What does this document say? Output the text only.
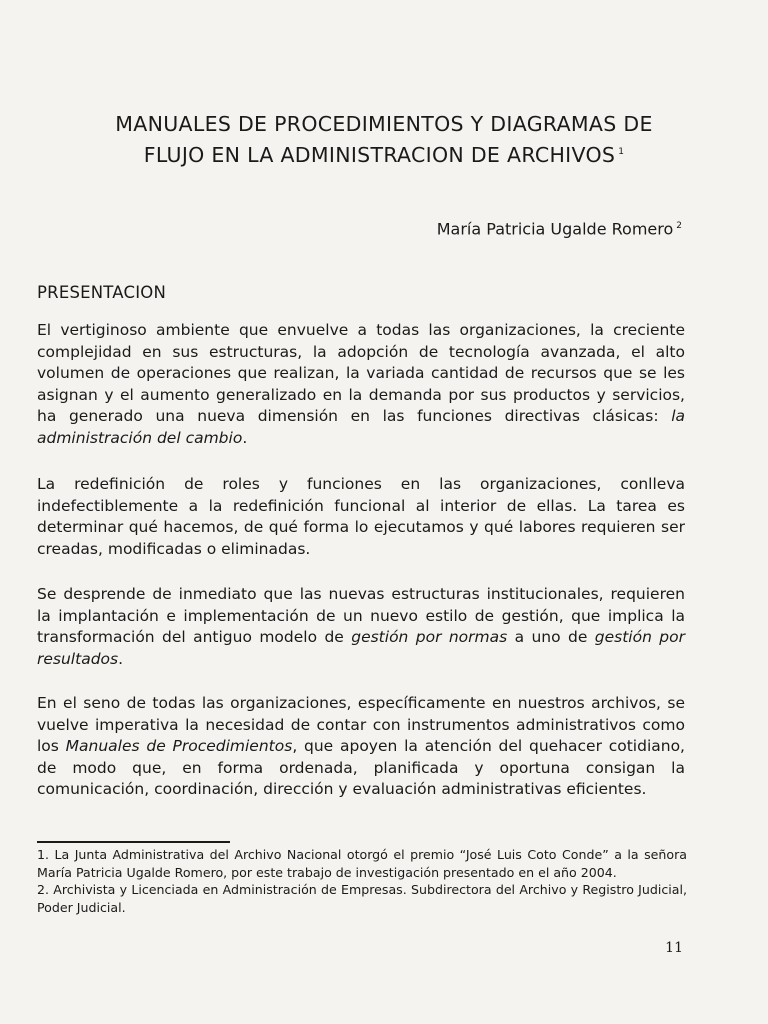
MANUALES DE PROCEDIMIENTOS Y DIAGRAMAS DE
FLUJO EN LA ADMINISTRACION DE ARCHIVOS $^1$
María Patricia Ugalde Romero $^2$
PRESENTACION

El vertiginoso ambiente que envuelve a todas las organizaciones, la creciente complejidad en sus estructuras, la adopción de tecnología avanzada, el alto volumen de operaciones que realizan, la variada cantidad de recursos que se les asignan y el aumento generalizado en la demanda por sus productos y servicios, ha generado una nueva dimensión en las funciones directivas clásicas: la administración del cambio.

La redefinición de roles y funciones en las organizaciones, conlleva indefectiblemente a la redefinición funcional al interior de ellas. La tarea es determinar qué hacemos, de qué forma lo ejecutamos y qué labores requieren ser creadas, modificadas o eliminadas.

Se desprende de inmediato que las nuevas estructuras institucionales, requieren la implantación e implementación de un nuevo estilo de gestión, que implica la transformación del antiguo modelo de gestión por normas a uno de gestión por resultados.

En el seno de todas las organizaciones, específicamente en nuestros archivos, se vuelve imperativa la necesidad de contar con instrumentos administrativos como los Manuales de Procedimientos, que apoyen la atención del quehacer cotidiano, de modo que, en forma ordenada, planificada y oportuna consigan la comunicación, coordinación, dirección y evaluación administrativas eficientes.

1. La Junta Administrativa del Archivo Nacional otorgó el premio “José Luis Coto Conde” a la señora María Patricia Ugalde Romero, por este trabajo de investigación presentado en el año 2004.

2. Archivista y Licenciada en Administración de Empresas. Subdirectora del Archivo y Registro Judicial, Poder Judicial.

11
